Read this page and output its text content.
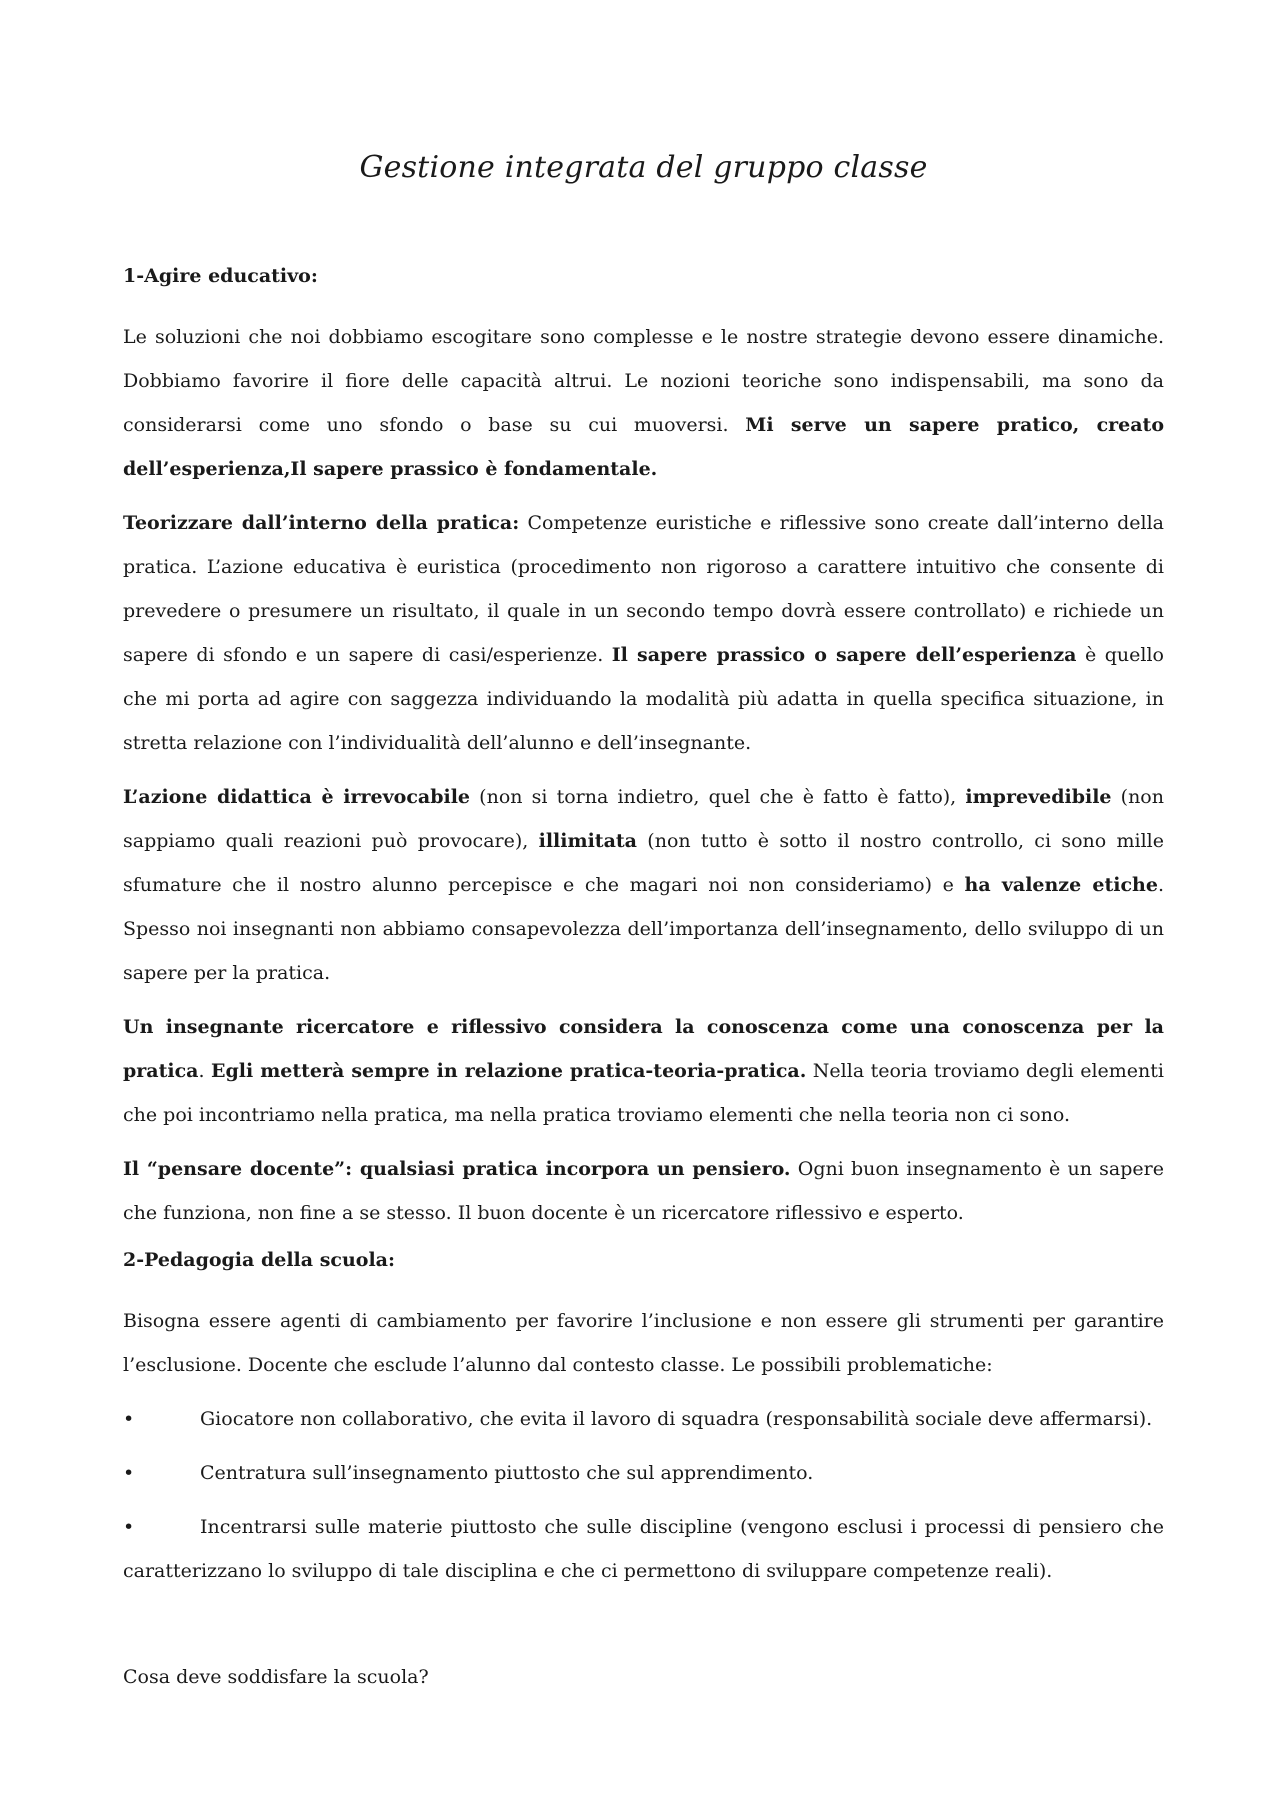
Gestione integrata del gruppo classe
1-Agire educativo:

Le soluzioni che noi dobbiamo escogitare sono complesse e le nostre strategie devono essere dinamiche. Dobbiamo favorire il fiore delle capacità altrui. Le nozioni teoriche sono indispensabili, ma sono da considerarsi come uno sfondo o base su cui muoversi. Mi serve un sapere pratico, creato dell’esperienza,Il sapere prassico è fondamentale.

Teorizzare dall’interno della pratica: Competenze euristiche e riflessive sono create dall’interno della pratica. L’azione educativa è euristica (procedimento non rigoroso a carattere intuitivo che consente di prevedere o presumere un risultato, il quale in un secondo tempo dovrà essere controllato) e richiede un sapere di sfondo e un sapere di casi/esperienze. Il sapere prassico o sapere dell’esperienza è quello che mi porta ad agire con saggezza individuando la modalità più adatta in quella specifica situazione, in stretta relazione con l’individualità dell’alunno e dell’insegnante.

L’azione didattica è irrevocabile (non si torna indietro, quel che è fatto è fatto), imprevedibile (non sappiamo quali reazioni può provocare), illimitata (non tutto è sotto il nostro controllo, ci sono mille sfumature che il nostro alunno percepisce e che magari noi non consideriamo) e ha valenze etiche. Spesso noi insegnanti non abbiamo consapevolezza dell’importanza dell’insegnamento, dello sviluppo di un sapere per la pratica.

Un insegnante ricercatore e riflessivo considera la conoscenza come una conoscenza per la pratica. Egli metterà sempre in relazione pratica-teoria-pratica. Nella teoria troviamo degli elementi che poi incontriamo nella pratica, ma nella pratica troviamo elementi che nella teoria non ci sono.

Il “pensare docente”: qualsiasi pratica incorpora un pensiero. Ogni buon insegnamento è un sapere che funziona, non fine a se stesso. Il buon docente è un ricercatore riflessivo e esperto.

2-Pedagogia della scuola:

Bisogna essere agenti di cambiamento per favorire l’inclusione e non essere gli strumenti per garantire l’esclusione. Docente che esclude l’alunno dal contesto classe. Le possibili problematiche:

•	Giocatore non collaborativo, che evita il lavoro di squadra (responsabilità sociale deve affermarsi).

•	Centratura sull’insegnamento piuttosto che sul apprendimento.

•	Incentrarsi sulle materie piuttosto che sulle discipline (vengono esclusi i processi di pensiero che caratterizzano lo sviluppo di tale disciplina e che ci permettono di sviluppare competenze reali).

Cosa deve soddisfare la scuola?
